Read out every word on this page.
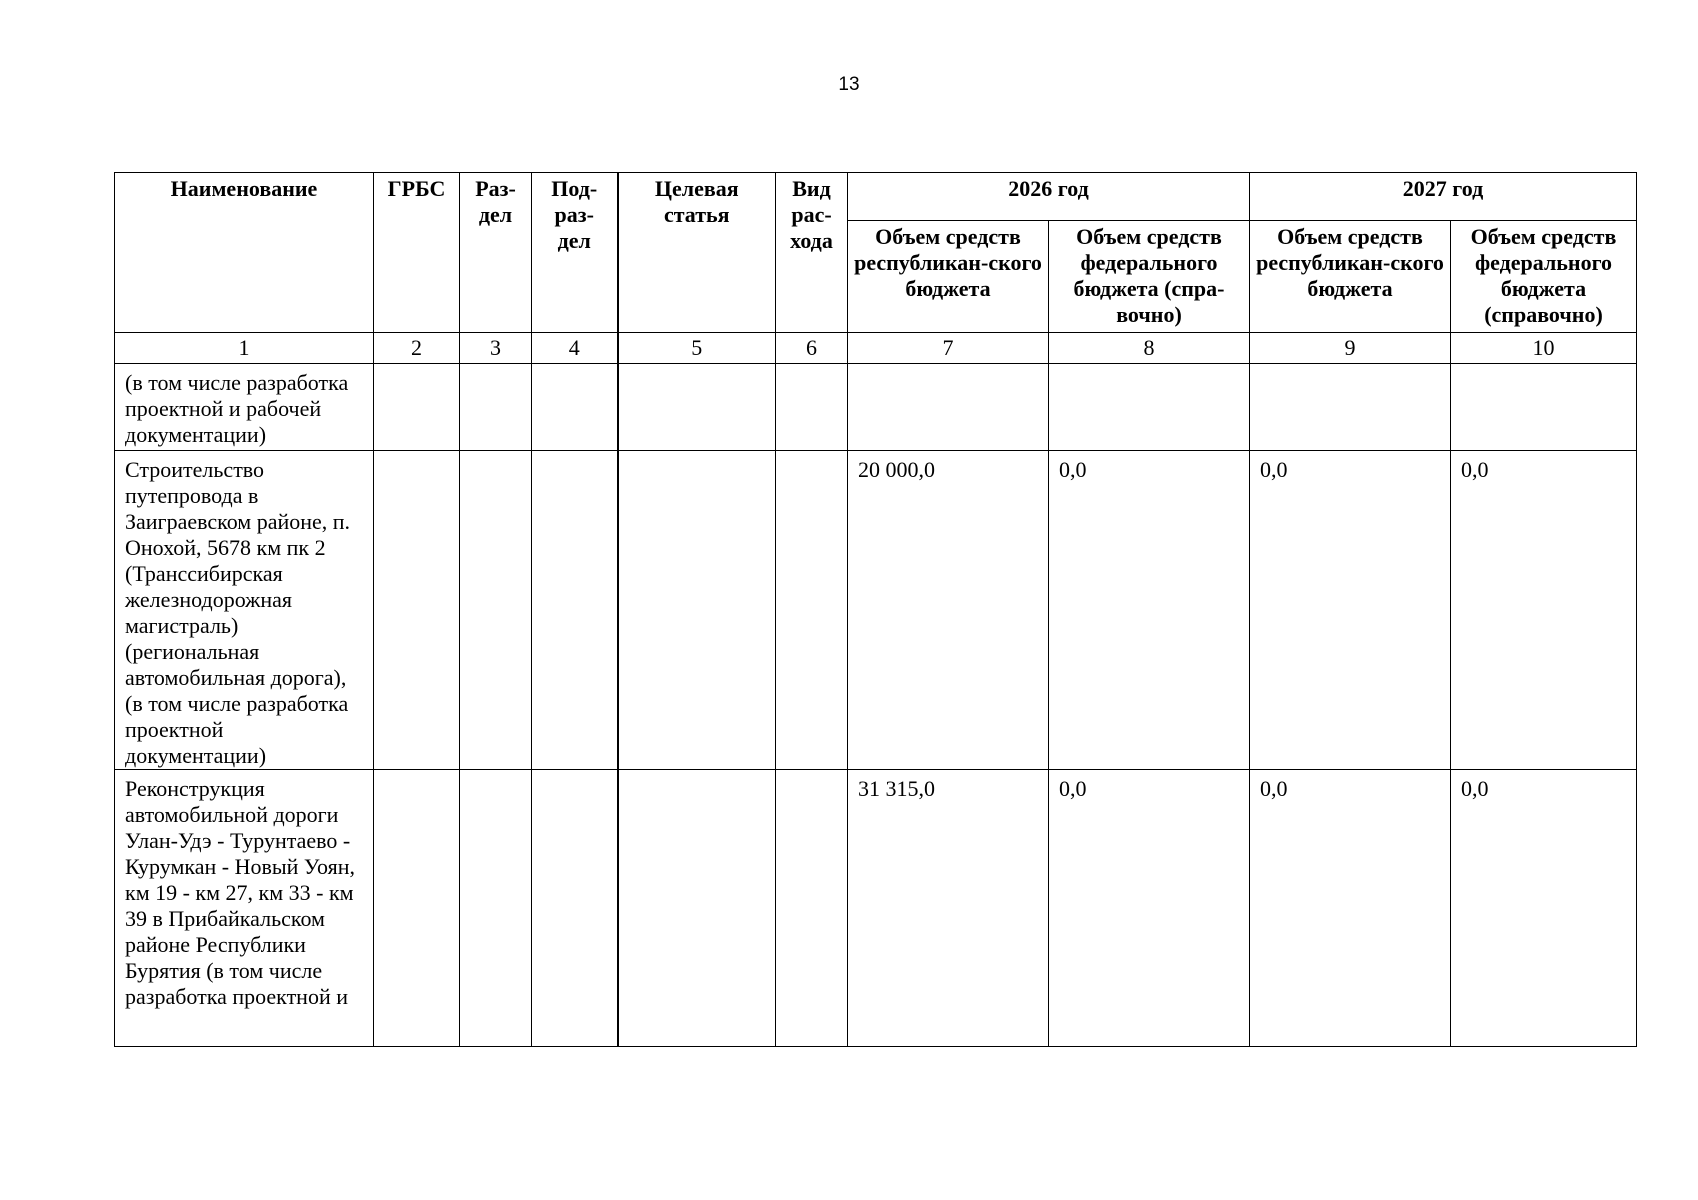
13
Наименование	ГРБС	Раз-дел	Под-раз-дел	Целевая статья	Вид рас-хода	2026 год		2027 год	
						Объем средств республикан-ского бюджета	Объем средств федерального бюджета (спра-вочно)	Объем средств республикан-ского бюджета	Объем средств федерального бюджета (справочно)
1	2	3	4	5	6	7	8	9	10
(в том числе разработка проектной и рабочей документации)									
Строительство путепровода в Заиграевском районе, п. Онохой, 5678 км пк 2 (Транссибирская железнодорожная магистраль) (региональная автомобильная дорога), (в том числе разработка проектной документации)						20 000,0	0,0	0,0	0,0
Реконструкция автомобильной дороги Улан-Удэ - Турунтаево - Курумкан - Новый Уоян, км 19 - км 27, км 33 - км 39 в Прибайкальском районе Республики Бурятия (в том числе разработка проектной и						31 315,0	0,0	0,0	0,0
